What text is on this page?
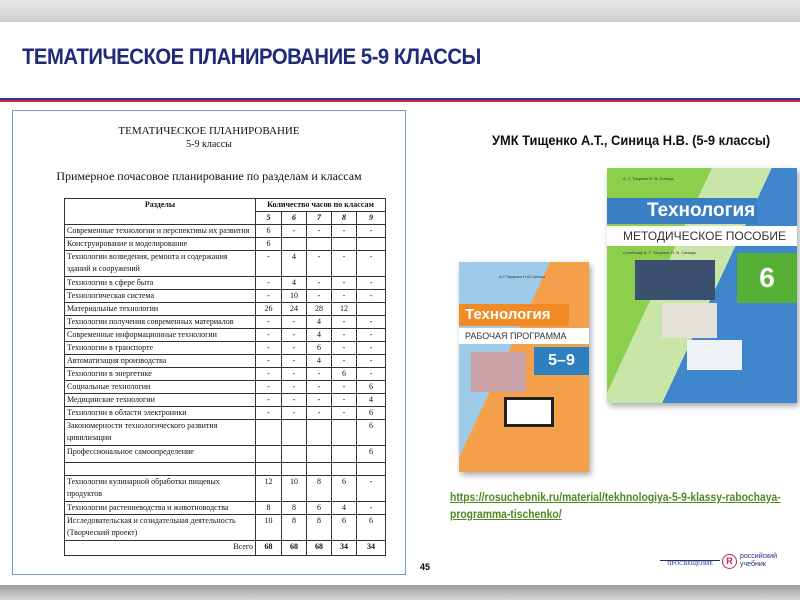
ТЕМАТИЧЕСКОЕ ПЛАНИРОВАНИЕ 5-9 КЛАССЫ
ТЕМАТИЧЕСКОЕ ПЛАНИРОВАНИЕ
5-9 классы
Примерное почасовое планирование по разделам и классам
Разделы	Количество часов по классам				
	5	6	7	8	9
Современные технологии и перспективы их развития	6	-	-	-	-
Конструирование и моделирование	6				
Технологии возведения, ремонта и содержания зданий и сооружений	-	4	-	-	-
Технологии в сфере быта	-	4	-	-	-
Технологическая система	-	10	-	-	-
Материальные технологии	26	24	28	12	
Технологии получения современных материалов	-	-	4	-	-
Современные информационные технологии	-	-	4	-	-
Технологии в транспорте	-	-	6	-	-
Автоматизация производства	-	-	4	-	-
Технологии в энергетике	-	-	-	6	-
Социальные технологии	-	-	-	-	6
Медицинские технологии	-	-	-	-	4
Технологии в области электроники	-	-	-	-	6
Закономерности технологического развития цивилизации					6
Профессиональное самоопределение					6

Технологии кулинарной обработки пищевых продуктов	12	10	8	6	-
Технологии растениеводства и животноводства	8	8	6	4	-
Исследовательская и созидательная деятельность (Творческий проект)	10	8	8	6	6
Всего	68	68	68	34	34
УМК Тищенко А.Т., Синица Н.В. (5-9 классы)
А.Т.Тищенко Н.В.Синица
Технология
РАБОЧАЯ ПРОГРАММА
5–9
А. Т. Тищенко Н. В. Синица
Технология
МЕТОДИЧЕСКОЕ ПОСОБИЕ
к учебнику А. Т. Тищенко, Н. В. Синицы
6
https://rosuchebnik.ru/material/tekhnologiya-5-9-klassy-rabochaya-
programma-tischenko/
45	ПРОСВЕЩЕНИЕ	R	российский учебник
